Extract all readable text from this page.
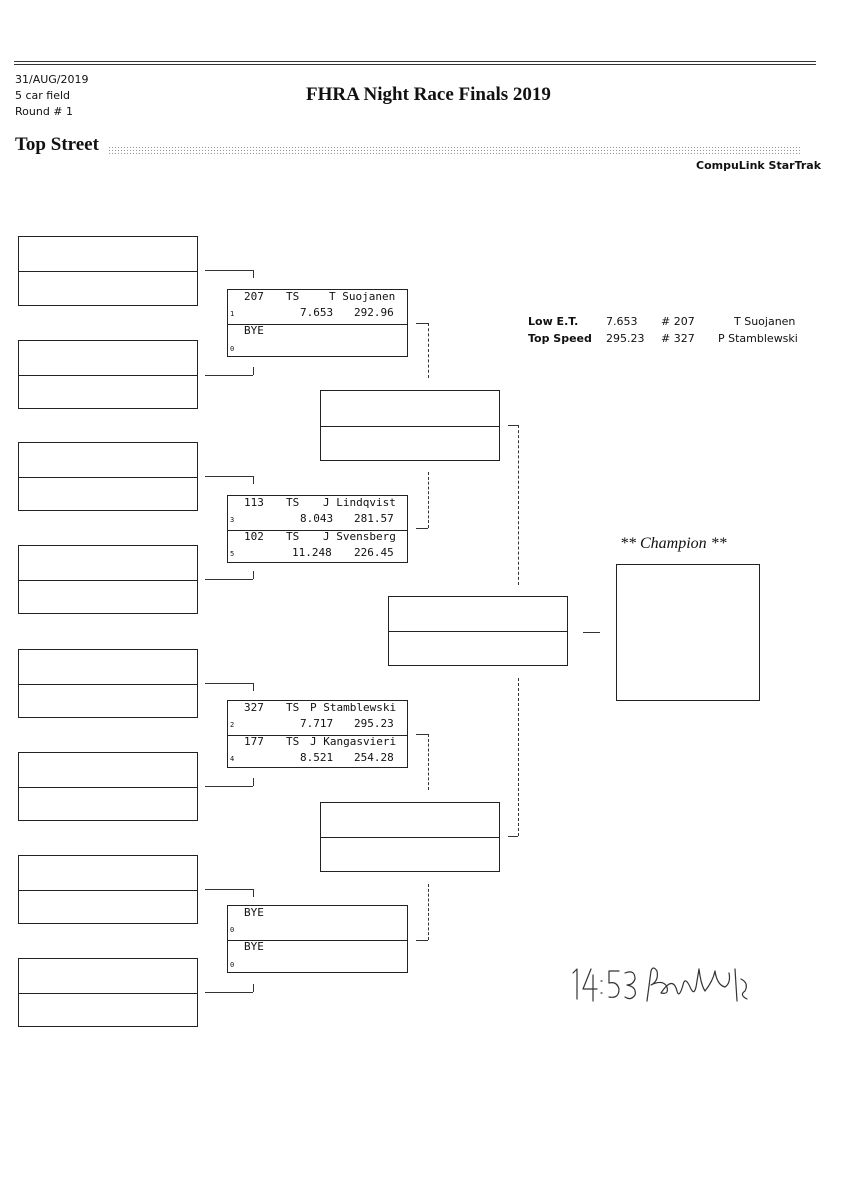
31/AUG/2019
5 car field
Round # 1
FHRA Night Race Finals 2019
Top Street
CompuLink StarTrak
Low E.T.	7.653 # 207	T Suojanen
Top Speed 295.23 # 327 P Stamblewski
207 TS	T Suojanen
1	7.653 292.96
BYE
0
113 TS J Lindqvist
3	8.043 281.57
102 TS J Svensberg
5	11.248 226.45
327 TS P Stamblewski
2	7.717 295.23
177 TS J Kangasvieri
4	8.521 254.28
BYE
0
BYE
0
** Champion **
